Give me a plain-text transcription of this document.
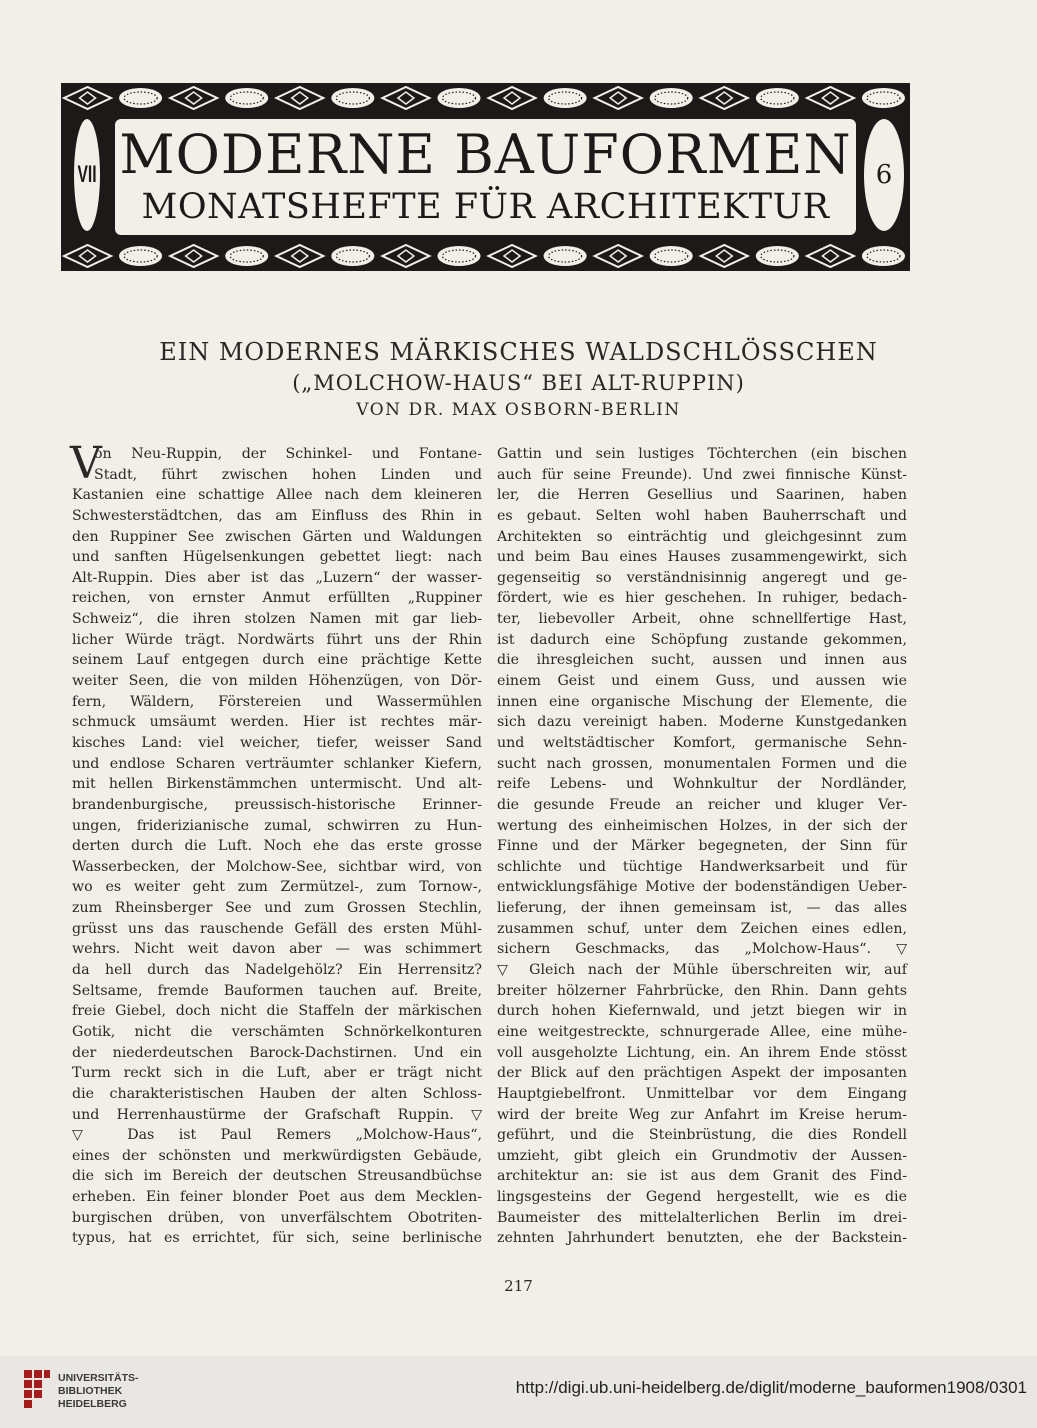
VII MODERNE BAUFORMEN
MONATSHEFTE FÜR ARCHITEKTUR
6
EIN MODERNES MÄRKISCHES WALDSCHLÖSSCHEN
(„MOLCHOW-HAUS“ BEI ALT-RUPPIN)
VON DR. MAX OSBORN-BERLIN
V
on Neu-Ruppin, der Schinkel- und Fontane-
Stadt, führt zwischen hohen Linden und
Kastanien eine schattige Allee nach dem kleineren
Schwesterstädtchen, das am Einfluss des Rhin in
den Ruppiner See zwischen Gärten und Waldungen
und sanften Hügelsenkungen gebettet liegt: nach
Alt-Ruppin. Dies aber ist das „Luzern“ der wasser-
reichen, von ernster Anmut erfüllten „Ruppiner
Schweiz“, die ihren stolzen Namen mit gar lieb-
licher Würde trägt. Nordwärts führt uns der Rhin
seinem Lauf entgegen durch eine prächtige Kette
weiter Seen, die von milden Höhenzügen, von Dör-
fern, Wäldern, Förstereien und Wassermühlen
schmuck umsäumt werden. Hier ist rechtes mär-
kisches Land: viel weicher, tiefer, weisser Sand
und endlose Scharen verträumter schlanker Kiefern,
mit hellen Birkenstämmchen untermischt. Und alt-
brandenburgische, preussisch-historische Erinner-
ungen, friderizianische zumal, schwirren zu Hun-
derten durch die Luft. Noch ehe das erste grosse
Wasserbecken, der Molchow-See, sichtbar wird, von
wo es weiter geht zum Zermützel-, zum Tornow-,
zum Rheinsberger See und zum Grossen Stechlin,
grüsst uns das rauschende Gefäll des ersten Mühl-
wehrs. Nicht weit davon aber — was schimmert
da hell durch das Nadelgehölz? Ein Herrensitz?
Seltsame, fremde Bauformen tauchen auf. Breite,
freie Giebel, doch nicht die Staffeln der märkischen
Gotik, nicht die verschämten Schnörkelkonturen
der niederdeutschen Barock-Dachstirnen. Und ein
Turm reckt sich in die Luft, aber er trägt nicht
die charakteristischen Hauben der alten Schloss-
und Herrenhaustürme der Grafschaft Ruppin. ▽
▽ Das ist Paul Remers „Molchow-Haus“,
eines der schönsten und merkwürdigsten Gebäude,
die sich im Bereich der deutschen Streusandbüchse
erheben. Ein feiner blonder Poet aus dem Mecklen-
burgischen drüben, von unverfälschtem Obotriten-
typus, hat es errichtet, für sich, seine berlinische
Gattin und sein lustiges Töchterchen (ein bischen
auch für seine Freunde). Und zwei finnische Künst-
ler, die Herren Gesellius und Saarinen, haben
es gebaut. Selten wohl haben Bauherrschaft und
Architekten so einträchtig und gleichgesinnt zum
und beim Bau eines Hauses zusammengewirkt, sich
gegenseitig so verständnisinnig angeregt und ge-
fördert, wie es hier geschehen. In ruhiger, bedach-
ter, liebevoller Arbeit, ohne schnellfertige Hast,
ist dadurch eine Schöpfung zustande gekommen,
die ihresgleichen sucht, aussen und innen aus
einem Geist und einem Guss, und aussen wie
innen eine organische Mischung der Elemente, die
sich dazu vereinigt haben. Moderne Kunstgedanken
und weltstädtischer Komfort, germanische Sehn-
sucht nach grossen, monumentalen Formen und die
reife Lebens- und Wohnkultur der Nordländer,
die gesunde Freude an reicher und kluger Ver-
wertung des einheimischen Holzes, in der sich der
Finne und der Märker begegneten, der Sinn für
schlichte und tüchtige Handwerksarbeit und für
entwicklungsfähige Motive der bodenständigen Ueber-
lieferung, der ihnen gemeinsam ist, — das alles
zusammen schuf, unter dem Zeichen eines edlen,
sichern Geschmacks, das „Molchow-Haus“. ▽
▽ Gleich nach der Mühle überschreiten wir, auf
breiter hölzerner Fahrbrücke, den Rhin. Dann gehts
durch hohen Kiefernwald, und jetzt biegen wir in
eine weitgestreckte, schnurgerade Allee, eine mühe-
voll ausgeholzte Lichtung, ein. An ihrem Ende stösst
der Blick auf den prächtigen Aspekt der imposanten
Hauptgiebelfront. Unmittelbar vor dem Eingang
wird der breite Weg zur Anfahrt im Kreise herum-
geführt, und die Steinbrüstung, die dies Rondell
umzieht, gibt gleich ein Grundmotiv der Aussen-
architektur an: sie ist aus dem Granit des Find-
lingsgesteins der Gegend hergestellt, wie es die
Baumeister des mittelalterlichen Berlin im drei-
zehnten Jahrhundert benutzten, ehe der Backstein-
217
UNIVERSITÄTS-
BIBLIOTHEK
HEIDELBERG
http://digi.ub.uni-heidelberg.de/diglit/moderne_bauformen1908/0301
